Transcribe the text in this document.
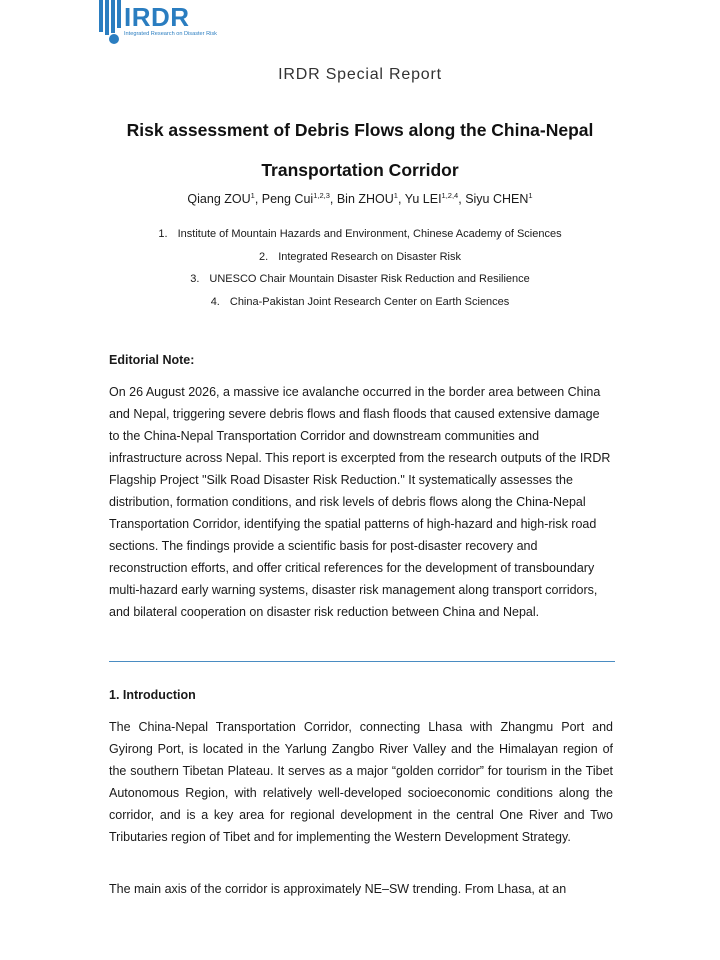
IRDR
Integrated Research on Disaster Risk
IRDR Special Report
Risk assessment of Debris Flows along the China-Nepal Transportation Corridor
Qiang ZOU$^1$, Peng Cui$^{1,2,3}$, Bin ZHOU$^1$, Yu LEI$^{1,2,4}$, Siyu CHEN$^1$
1. Institute of Mountain Hazards and Environment, Chinese Academy of Sciences
2. Integrated Research on Disaster Risk
3. UNESCO Chair Mountain Disaster Risk Reduction and Resilience
4. China-Pakistan Joint Research Center on Earth Sciences
Editorial Note:

On 26 August 2026, a massive ice avalanche occurred in the border area between China and Nepal, triggering severe debris flows and flash floods that caused extensive damage to the China-Nepal Transportation Corridor and downstream communities and infrastructure across Nepal. This report is excerpted from the research outputs of the IRDR Flagship Project "Silk Road Disaster Risk Reduction." It systematically assesses the distribution, formation conditions, and risk levels of debris flows along the China-Nepal Transportation Corridor, identifying the spatial patterns of high-hazard and high-risk road sections. The findings provide a scientific basis for post-disaster recovery and reconstruction efforts, and offer critical references for the development of transboundary multi-hazard early warning systems, disaster risk management along transport corridors, and bilateral cooperation on disaster risk reduction between China and Nepal.

1. Introduction

The China-Nepal Transportation Corridor, connecting Lhasa with Zhangmu Port and Gyirong Port, is located in the Yarlung Zangbo River Valley and the Himalayan region of the southern Tibetan Plateau. It serves as a major “golden corridor” for tourism in the Tibet Autonomous Region, with relatively well-developed socioeconomic conditions along the corridor, and is a key area for regional development in the central One River and Two Tributaries region of Tibet and for implementing the Western Development Strategy.

The main axis of the corridor is approximately NE–SW trending. From Lhasa, at an
